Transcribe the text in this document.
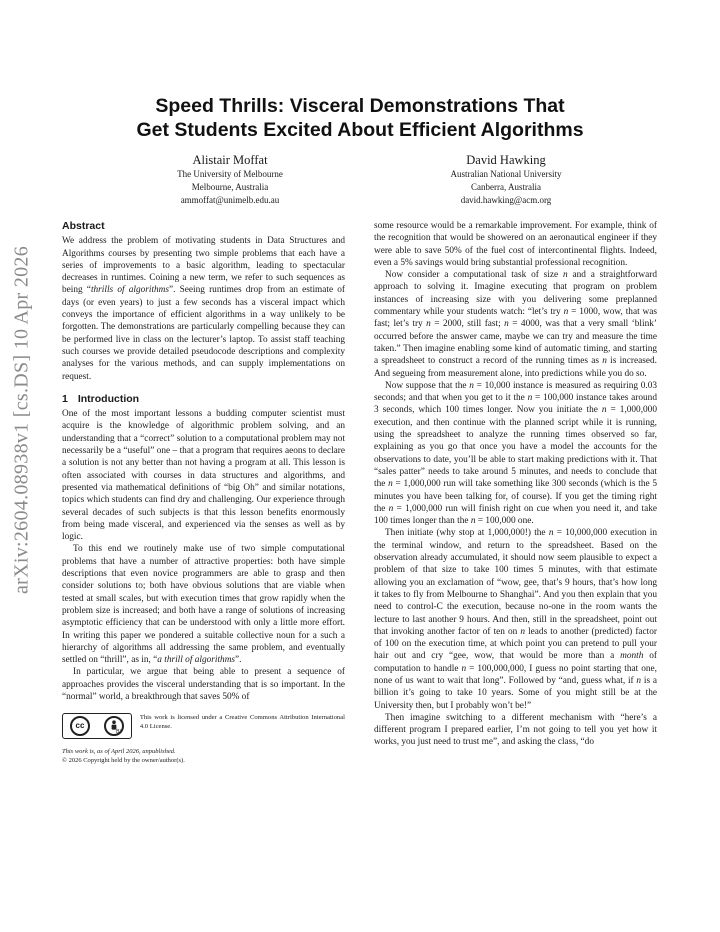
arXiv:2604.08938v1 [cs.DS] 10 Apr 2026
Speed Thrills: Visceral Demonstrations That
Get Students Excited About Efficient Algorithms
Alistair Moffat
The University of Melbourne
Melbourne, Australia
ammoffat@unimelb.edu.au
David Hawking
Australian National University
Canberra, Australia
david.hawking@acm.org
Abstract

We address the problem of motivating students in Data Structures and Algorithms courses by presenting two simple problems that each have a series of improvements to a basic algorithm, leading to spectacular decreases in runtimes. Coining a new term, we refer to such sequences as being “thrills of algorithms”. Seeing runtimes drop from an estimate of days (or even years) to just a few seconds has a visceral impact which conveys the importance of efficient algorithms in a way unlikely to be forgotten. The demonstrations are particularly compelling because they can be performed live in class on the lecturer’s laptop. To assist staff teaching such courses we provide detailed pseudocode descriptions and complexity analyses for the various methods, and can supply implementations on request.

1 Introduction

One of the most important lessons a budding computer scientist must acquire is the knowledge of algorithmic problem solving, and an understanding that a “correct” solution to a computational problem may not necessarily be a “useful” one – that a program that requires aeons to declare a solution is not any better than not having a program at all. This lesson is often associated with courses in data structures and algorithms, and presented via mathematical definitions of “big Oh” and similar notations, topics which students can find dry and challenging. Our experience through several decades of such subjects is that this lesson benefits enormously from being made visceral, and experienced via the senses as well as by logic.

To this end we routinely make use of two simple computational problems that have a number of attractive properties: both have simple descriptions that even novice programmers are able to grasp and then consider solutions to; both have obvious solutions that are viable when tested at small scales, but with execution times that grow rapidly when the problem size is increased; and both have a range of solutions of increasing asymptotic efficiency that can be understood with only a little more effort. In writing this paper we pondered a suitable collective noun for a such a hierarchy of algorithms all addressing the same problem, and eventually settled on “thrill”, as in, “a thrill of algorithms”.

In particular, we argue that being able to present a sequence of approaches provides the visceral understanding that is so important. In the “normal” world, a breakthrough that saves 50% of

cc
BY
This work is licensed under a Creative Commons Attribution International 4.0 License.
This work is, as of April 2026, unpublished.
© 2026 Copyright held by the owner/author(s).

some resource would be a remarkable improvement. For example, think of the recognition that would be showered on an aeronautical engineer if they were able to save 50% of the fuel cost of intercontinental flights. Indeed, even a 5% savings would bring substantial professional recognition.

Now consider a computational task of size n and a straightforward approach to solving it. Imagine executing that program on problem instances of increasing size with you delivering some preplanned commentary while your students watch: “let’s try n = 1000, wow, that was fast; let’s try n = 2000, still fast; n = 4000, was that a very small ‘blink’ occurred before the answer came, maybe we can try and measure the time taken.” Then imagine enabling some kind of automatic timing, and starting a spreadsheet to construct a record of the running times as n is increased. And segueing from measurement alone, into predictions while you do so.

Now suppose that the n = 10,000 instance is measured as requiring 0.03 seconds; and that when you get to it the n = 100,000 instance takes around 3 seconds, which 100 times longer. Now you initiate the n = 1,000,000 execution, and then continue with the planned script while it is running, using the spreadsheet to analyze the running times observed so far, explaining as you go that once you have a model the accounts for the observations to date, you’ll be able to start making predictions with it. That “sales patter” needs to take around 5 minutes, and needs to conclude that the n = 1,000,000 run will take something like 300 seconds (which is the 5 minutes you have been talking for, of course). If you get the timing right the n = 1,000,000 run will finish right on cue when you need it, and take 100 times longer than the n = 100,000 one.

Then initiate (why stop at 1,000,000!) the n = 10,000,000 execution in the terminal window, and return to the spreadsheet. Based on the observation already accumulated, it should now seem plausible to expect a problem of that size to take 100 times 5 minutes, with that estimate allowing you an exclamation of “wow, gee, that’s 9 hours, that’s how long it takes to fly from Melbourne to Shanghai”. And you then explain that you need to control-C the execution, because no-one in the room wants the lecture to last another 9 hours. And then, still in the spreadsheet, point out that invoking another factor of ten on n leads to another (predicted) factor of 100 on the execution time, at which point you can pretend to pull your hair out and cry “gee, wow, that would be more than a month of computation to handle n = 100,000,000, I guess no point starting that one, none of us want to wait that long”. Followed by “and, guess what, if n is a billion it’s going to take 10 years. Some of you might still be at the University then, but I probably won’t be!”

Then imagine switching to a different mechanism with “here’s a different program I prepared earlier, I’m not going to tell you yet how it works, you just need to trust me”, and asking the class, “do
